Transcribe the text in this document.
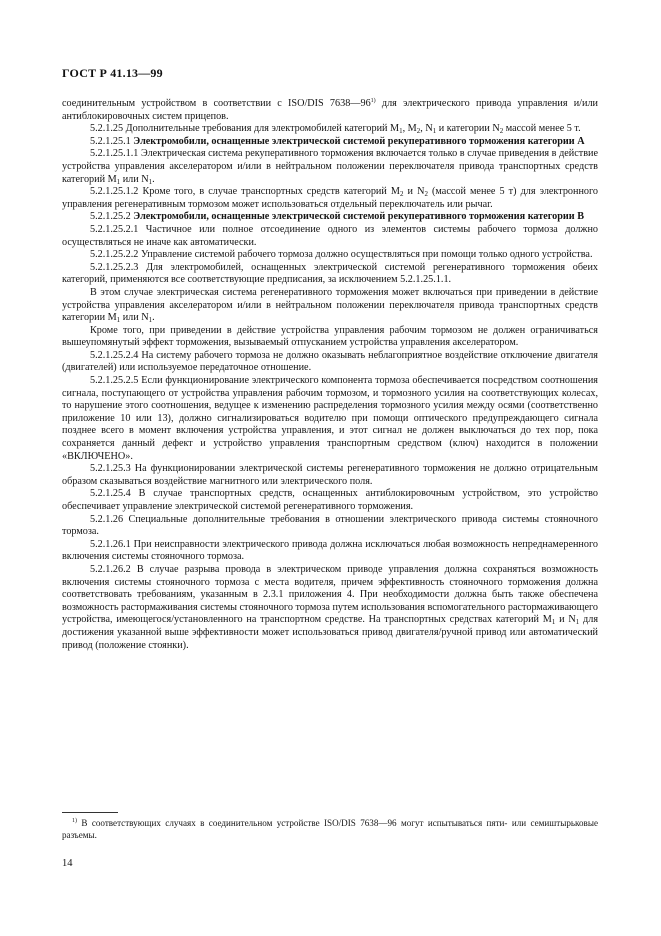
ГОСТ Р 41.13—99

соединительным устройством в соответствии с ISO/DIS 7638—96$^{1)}$ для электрического привода управления и/или антиблокировочных систем прицепов.

5.2.1.25 Дополнительные требования для электромобилей категорий $M_1$, $M_2$, $N_1$ и категории $N_2$ массой менее 5 т.

5.2.1.25.1 Электромобили, оснащенные электрической системой рекуперативного торможения категории A

5.2.1.25.1.1 Электрическая система рекуперативного торможения включается только в случае приведения в действие устройства управления акселератором и/или в нейтральном положении переключателя привода транспортных средств категорий $M_1$ или $N_1$.

5.2.1.25.1.2 Кроме того, в случае транспортных средств категорий $M_2$ и $N_2$ (массой менее 5 т) для электронного управления регенеративным тормозом может использоваться отдельный переключатель или рычаг.

5.2.1.25.2 Электромобили, оснащенные электрической системой рекуперативного торможения категории B

5.2.1.25.2.1 Частичное или полное отсоединение одного из элементов системы рабочего тормоза должно осуществляться не иначе как автоматически.

5.2.1.25.2.2 Управление системой рабочего тормоза должно осуществляться при помощи только одного устройства.

5.2.1.25.2.3 Для электромобилей, оснащенных электрической системой регенеративного торможения обеих категорий, применяются все соответствующие предписания, за исключением 5.2.1.25.1.1.

В этом случае электрическая система регенеративного торможения может включаться при приведении в действие устройства управления акселератором и/или в нейтральном положении переключателя привода транспортных средств категории $M_1$ или $N_1$.

Кроме того, при приведении в действие устройства управления рабочим тормозом не должен ограничиваться вышеупомянутый эффект торможения, вызываемый отпусканием устройства управления акселератором.

5.2.1.25.2.4 На систему рабочего тормоза не должно оказывать неблагоприятное воздействие отключение двигателя (двигателей) или используемое передаточное отношение.

5.2.1.25.2.5 Если функционирование электрического компонента тормоза обеспечивается посредством соотношения сигнала, поступающего от устройства управления рабочим тормозом, и тормозного усилия на соответствующих колесах, то нарушение этого соотношения, ведущее к изменению распределения тормозного усилия между осями (соответственно приложение 10 или 13), должно сигнализироваться водителю при помощи оптического предупреждающего сигнала позднее всего в момент включения устройства управления, и этот сигнал не должен выключаться до тех пор, пока сохраняется данный дефект и устройство управления транспортным средством (ключ) находится в положении «ВКЛЮЧЕНО».

5.2.1.25.3 На функционировании электрической системы регенеративного торможения не должно отрицательным образом сказываться воздействие магнитного или электрического поля.

5.2.1.25.4 В случае транспортных средств, оснащенных антиблокировочным устройством, это устройство обеспечивает управление электрической системой регенеративного торможения.

5.2.1.26 Специальные дополнительные требования в отношении электрического привода системы стояночного тормоза.

5.2.1.26.1 При неисправности электрического привода должна исключаться любая возможность непреднамеренного включения системы стояночного тормоза.

5.2.1.26.2 В случае разрыва провода в электрическом приводе управления должна сохраняться возможность включения системы стояночного тормоза с места водителя, причем эффективность стояночного торможения должна соответствовать требованиям, указанным в 2.3.1 приложения 4. При необходимости должна быть также обеспечена возможность растормаживания системы стояночного тормоза путем использования вспомогательного растормаживающего устройства, имеющегося/установленного на транспортном средстве. На транспортных средствах категорий $M_1$ и $N_1$ для достижения указанной выше эффективности может использоваться привод двигателя/ручной привод или автоматический привод (положение стоянки).

$^{1)}$ В соответствующих случаях в соединительном устройстве ISO/DIS 7638—96 могут испытываться пяти- или семиштырьковые разъемы.
14
